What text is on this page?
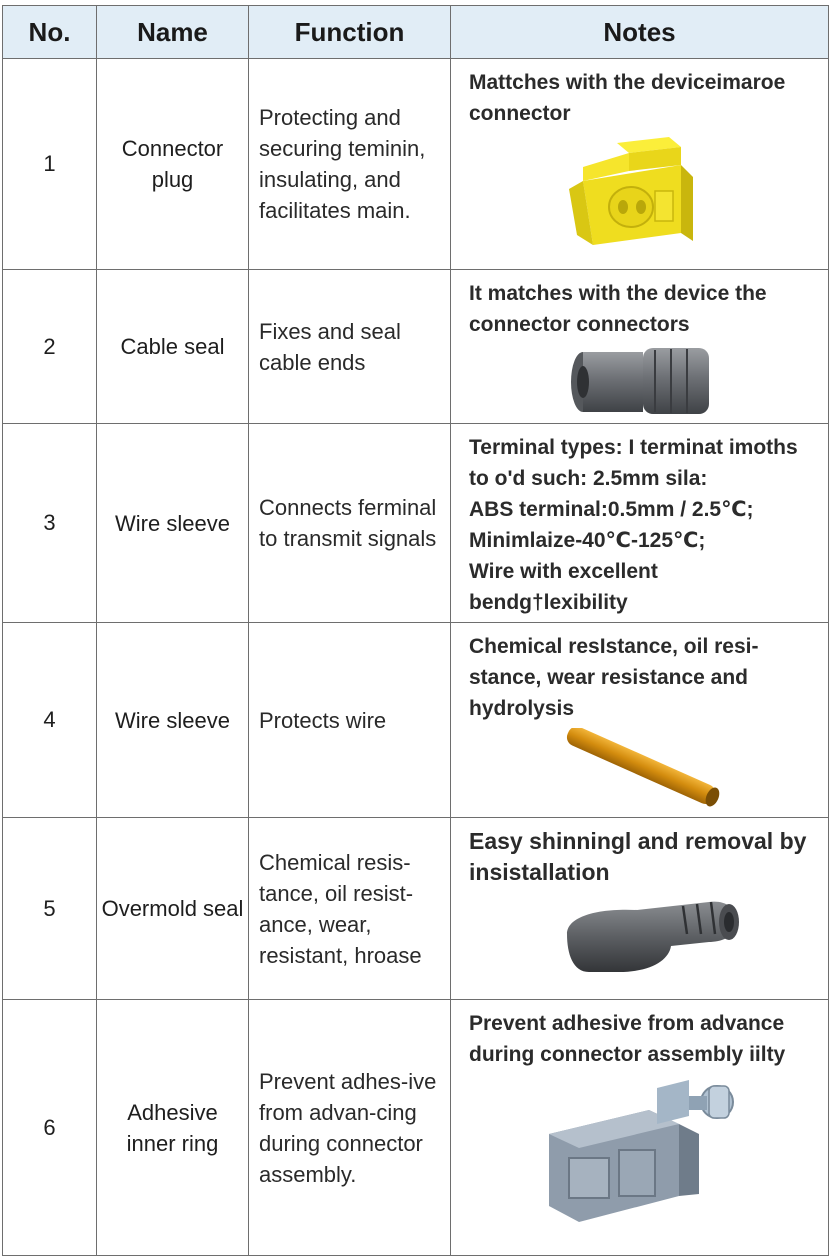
No.	Name	Function	Notes
1	Connector plug	Protecting and securing teminin, insulating, and facilitates main.	Mattches with the deviceimaroe connector

2	Cable seal	Fixes and seal cable ends	It matches with the device the connector connectors

3	Wire sleeve	Connects ferminal to transmit signals	Terminal types: I terminat imoths
to o'd such: 2.5mm sila:
ABS terminal:0.5mm / 2.5℃;
Minimlaize-40℃-125℃;
Wire with excellent bendg†lexibility

4	Wire sleeve	Protects wire	Chemical resIstance, oil resi-stance, wear resistance and hydrolysis

5	Overmold seal	Chemical resis-tance, oil resist-ance, wear, resistant, hroase	Easy shinningl and removal by insistallation

6	Adhesive inner ring	Prevent adhes-ive from advan-cing during connector assembly.	Prevent adhesive from advance during connector assembly iilty
